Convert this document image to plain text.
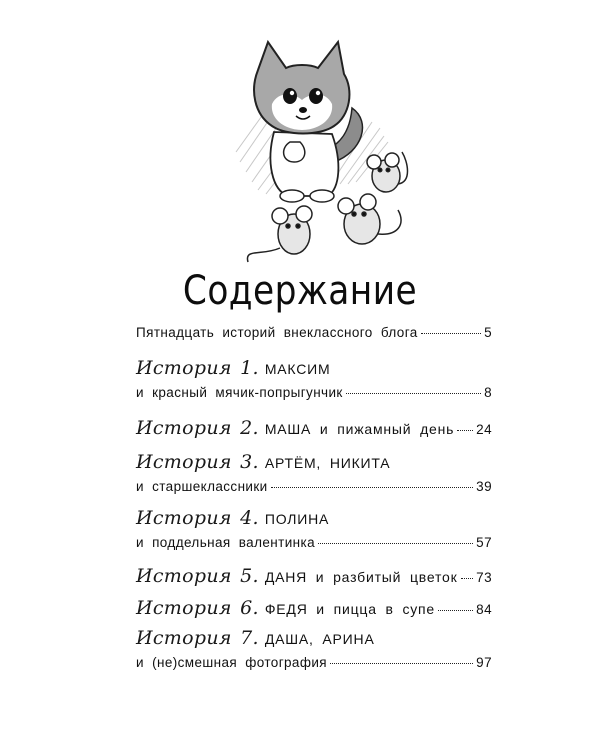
Содержание
Пятнадцать историй внеклассного блога	5
История 1. МАКСИМ
и красный мячик-попрыгунчик	8
История 2. МАША и пижамный день 24
История 3. АРТЁМ, НИКИТА
и старшеклассники	39
История 4. ПОЛИНА
и поддельная валентинка	57
История 5. ДАНЯ и разбитый цветок 73
История 6. ФЕДЯ и пицца в супе	84
История 7. ДАША, АРИНА
и (не)смешная фотография	97
